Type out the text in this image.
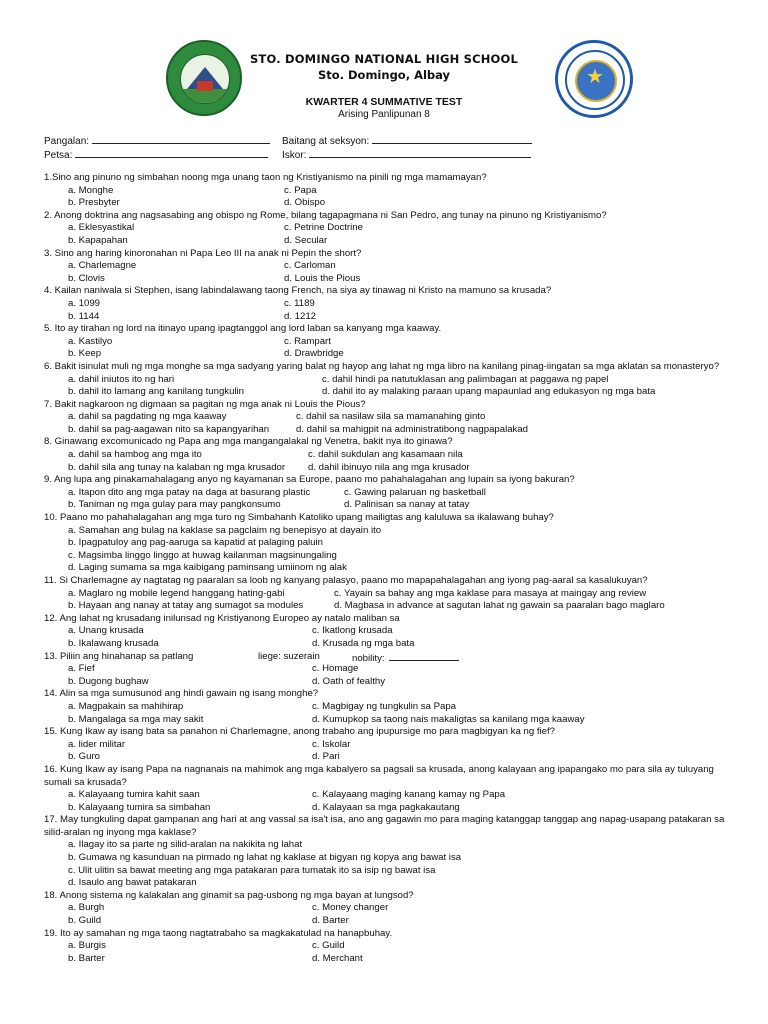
★
STO. DOMINGO NATIONAL HIGH SCHOOL
Sto. Domingo, Albay
KWARTER 4 SUMMATIVE TEST
Arising Panlipunan 8
Pangalan:	Baitang at seksyon:
Petsa:	Iskor:
1.Sino ang pinuno ng simbahan noong mga unang taon ng Kristiyanismo na pinili ng mga mamamayan?
a. Monghe	c. Papa
b. Presbyter	d. Obispo
2. Anong doktrina ang nagsasabing ang obispo ng Rome, bilang tagapagmana ni San Pedro, ang tunay na pinuno ng Kristiyanismo?
a. Eklesyastikal	c. Petrine Doctrine
b. Kapapahan	d. Secular
3. Sino ang haring kinoronahan ni Papa Leo III na anak ni Pepin the short?
a. Charlemagne	c. Carloman
b. Clovis	d. Louis the Pious
4. Kailan naniwala si Stephen, isang labindalawang taong French, na siya ay tinawag ni Kristo na mamuno sa krusada?
a. 1099	c. 1189
b. 1144	d. 1212
5. Ito ay tirahan ng lord na itinayo upang ipagtanggol ang lord laban sa kanyang mga kaaway.
a. Kastilyo	c. Rampart
b. Keep	d. Drawbridge
6. Bakit isinulat muli ng mga monghe sa mga sadyang yaring balat ng hayop ang lahat ng mga libro na kanilang pinag-iingatan sa mga aklatan sa monasteryo?
a. dahil iniutos ito ng hari	c. dahil hindi pa natutuklasan ang palimbagan at paggawa ng papel
b. dahil ito lamang ang kanilang tungkulin	d. dahil ito ay malaking paraan upang mapaunlad ang edukasyon ng mga bata
7. Bakit nagkaroon ng digmaan sa pagitan ng mga anak ni Louis the Pious?
a. dahil sa pagdating ng mga kaaway	c. dahil sa nasilaw sila sa mamanahing ginto
b. dahil sa pag-aagawan nito sa kapangyarihan	d. dahil sa mahigpit na administratibong nagpapalakad
8. Ginawang excomunicado ng Papa ang mga mangangalakal ng Venetra, bakit nya ito ginawa?
a. dahil sa hambog ang mga ito	c. dahil sukdulan ang kasamaan nila
b. dahil sila ang tunay na kalaban ng mga krusador d. dahil ibinuyo nila ang mga krusador
9. Ang lupa ang pinakamahalagang anyo ng kayamanan sa Europe, paano mo pahahalagahan ang lupain sa iyong bakuran?
a. Itapon dito ang mga patay na daga at basurang plastic	c. Gawing palaruan ng basketball
b. Taniman ng mga gulay para may pangkonsumo	d. Palinisan sa nanay at tatay
10. Paano mo pahahalagahan ang mga turo ng Simbahanh Katoliko upang mailigtas ang kaluluwa sa ikalawang buhay?
a. Samahan ang bulag na kaklase sa pagclaim ng benepisyo at dayain ito
b. Ipagpatuloy ang pag-aaruga sa kapatid at palaging paluin
c. Magsimba linggo linggo at huwag kailanman magsinungaling
d. Laging sumama sa mga kaibigang paminsang umiinom ng alak
11. Si Charlemagne ay nagtatag ng paaralan sa loob ng kanyang palasyo, paano mo mapapahalagahan ang iyong pag-aaral sa kasalukuyan?
a. Maglaro ng mobile legend hanggang hating-gabi	c. Yayain sa bahay ang mga kaklase para masaya at maingay ang review
b. Hayaan ang nanay at tatay ang sumagot sa modules	d. Magbasa in advance at sagutan lahat ng gawain sa paaralan bago maglaro
12. Ang lahat ng krusadang inilunsad ng Kristiyanong Europeo ay natalo maliban sa
a. Unang krusada	c. Ikatlong krusada
b. Ikalawang krusada	d. Krusada ng mga bata
13. Piliin ang hinahanap sa patlang	liege: suzerain	nobility:
a. Fief	c. Homage
b. Dugong bughaw	d. Oath of fealthy
14. Alin sa mga sumusunod ang hindi gawain ng isang monghe?
a. Magpakain sa mahihirap	c. Magbigay ng tungkulin sa Papa
b. Mangalaga sa mga may sakit	d. Kumupkop sa taong nais makaligtas sa kanilang mga kaaway
15. Kung Ikaw ay isang bata sa panahon ni Charlemagne, anong trabaho ang ipupursige mo para magbigyan ka ng fief?
a. lider militar	c. Iskolar
b. Guro	d. Pari
16. Kung Ikaw ay isang Papa na nagnanais na mahimok ang mga kabalyero sa pagsali sa krusada, anong kalayaan ang ipapangako mo para sila ay tuluyang sumali sa krusada?
a. Kalayaang tumira kahit saan	c. Kalayaang maging kanang kamay ng Papa
b. Kalayaang tumira sa simbahan	d. Kalayaan sa mga pagkakautang
17. May tungkuling dapat gampanan ang hari at ang vassal sa isa't isa, ano ang gagawin mo para maging katanggap tanggap ang napag-usapang patakaran sa silid-aralan ng inyong mga kaklase?
a. Ilagay ito sa parte ng silid-aralan na nakikita ng lahat
b. Gumawa ng kasunduan na pirmado ng lahat ng kaklase at bigyan ng kopya ang bawat isa
c. Ulit ulitin sa bawat meeting ang mga patakaran para tumatak ito sa isip ng bawat isa
d. Isaulo ang bawat patakaran
18. Anong sistema ng kalakalan ang ginamit sa pag-usbong ng mga bayan at lungsod?
a. Burgh	c. Money changer
b. Guild	d. Barter
19. Ito ay samahan ng mga taong nagtatrabaho sa magkakatulad na hanapbuhay.
a. Burgis	c. Guild
b. Barter	d. Merchant
